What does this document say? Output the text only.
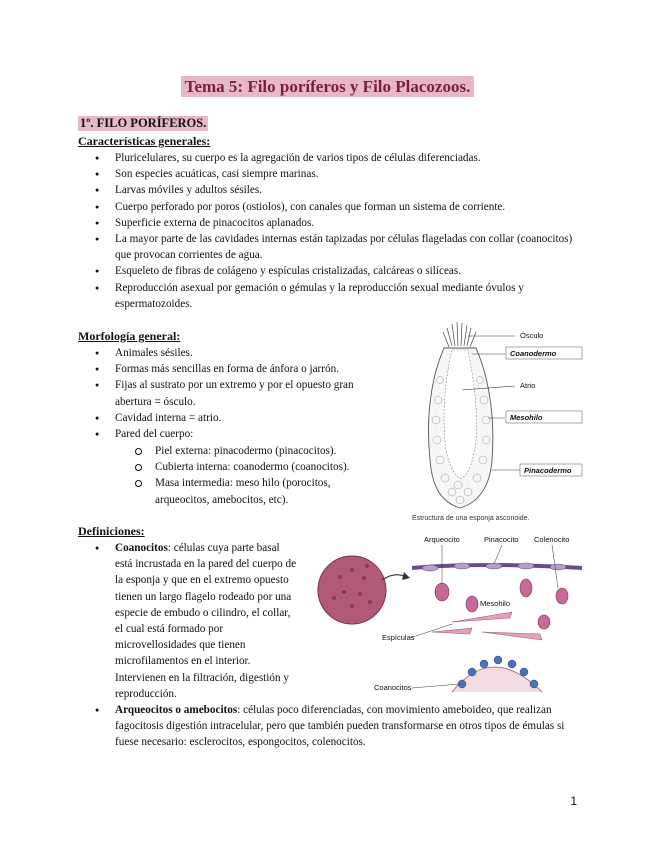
Tema 5: Filo poríferos y Filo Placozoos.
1º. FILO PORÍFEROS.
Características generales:
● Pluricelulares, su cuerpo es la agregación de varios tipos de células diferenciadas.
● Son especies acuáticas, casi siempre marinas.
● Larvas móviles y adultos sésiles.
● Cuerpo perforado por poros (ostiolos), con canales que forman un sistema de corriente.
● Superficie externa de pinacocitos aplanados.
● La mayor parte de las cavidades internas están tapizadas por células flageladas con collar (coanocitos) que provocan corrientes de agua.
● Esqueleto de fibras de colágeno y espículas cristalizadas, calcáreas o silíceas.
● Reproducción asexual por gemación o gémulas y la reproducción sexual mediante óvulos y espermatozoides.
Morfología general:
● Animales sésiles.
● Formas más sencillas en forma de ánfora o jarrón.
● Fijas al sustrato por un extremo y por el opuesto gran abertura = ósculo.
● Cavidad interna = atrio.
● Pared del cuerpo:
Piel externa: pinacodermo (pinacocitos).
Cubierta interna: coanodermo (coanocitos).
Masa intermedia: meso hilo (porocitos, arqueocitos, amebocitos, etc).
Ósculo
Coanodermo
Atrio
Mesohilo
Pinacodermo
Estructura de una esponja asconoide.
Definiciones:
● Coanocitos: células cuya parte basal está incrustada en la pared del cuerpo de la esponja y que en el extremo opuesto tienen un largo flagelo rodeado por una especie de embudo o cilindro, el collar, el cual está formado por microvellosidades que tienen microfilamentos en el interior. Intervienen en la filtración, digestión y reproducción.
● Arqueocitos o amebocitos: células poco diferenciadas, con movimiento ameboideo, que realizan fagocitosis digestión intracelular, pero que también pueden transformarse en otros tipos de émulas si fuese necesario: esclerocitos, espongocitos, colenocitos.
Arqueocito	Pinacocito Colenocito
Mesohilo
Espículas
Coanocitos
1
